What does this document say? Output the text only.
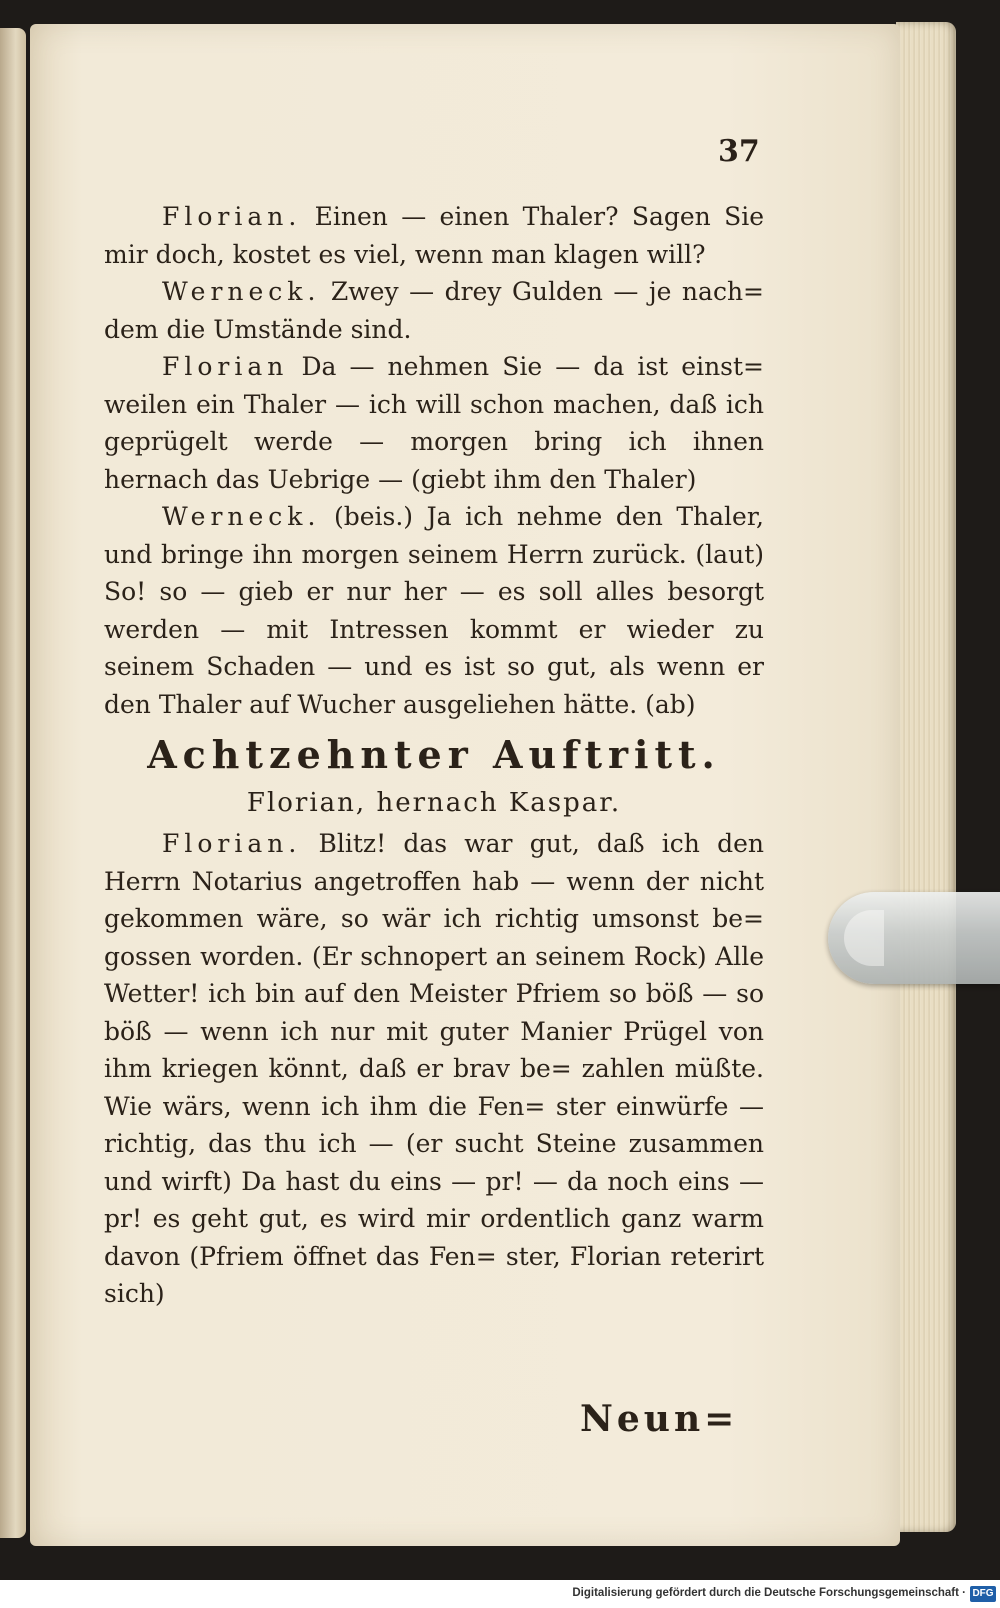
37

Florian. Einen — einen Thaler? Sagen Sie mir doch, kostet es viel, wenn man klagen will?

Werneck. Zwey — drey Gulden — je nach= dem die Umstände sind.

Florian Da — nehmen Sie — da ist einst= weilen ein Thaler — ich will schon machen, daß ich geprügelt werde — morgen bring ich ihnen hernach das Uebrige — (giebt ihm den Thaler)

Werneck. (beis.) Ja ich nehme den Thaler, und bringe ihn morgen seinem Herrn zurück. (laut) So! so — gieb er nur her — es soll alles besorgt werden — mit Intressen kommt er wieder zu seinem Schaden — und es ist so gut, als wenn er den Thaler auf Wucher ausgeliehen hätte. (ab)

Achtzehnter Auftritt.
Florian, hernach Kaspar.

Florian. Blitz! das war gut, daß ich den Herrn Notarius angetroffen hab — wenn der nicht gekommen wäre, so wär ich richtig umsonst be= gossen worden. (Er schnopert an seinem Rock) Alle Wetter! ich bin auf den Meister Pfriem so böß — so böß — wenn ich nur mit guter Manier Prügel von ihm kriegen könnt, daß er brav be= zahlen müßte. Wie wärs, wenn ich ihm die Fen= ster einwürfe — richtig, das thu ich — (er sucht Steine zusammen und wirft) Da hast du eins — pr! — da noch eins — pr! es geht gut, es wird mir ordentlich ganz warm davon (Pfriem öffnet das Fen= ster, Florian reterirt sich)

Neun=
Digitalisierung gefördert durch die Deutsche Forschungsgemeinschaft · DFG
